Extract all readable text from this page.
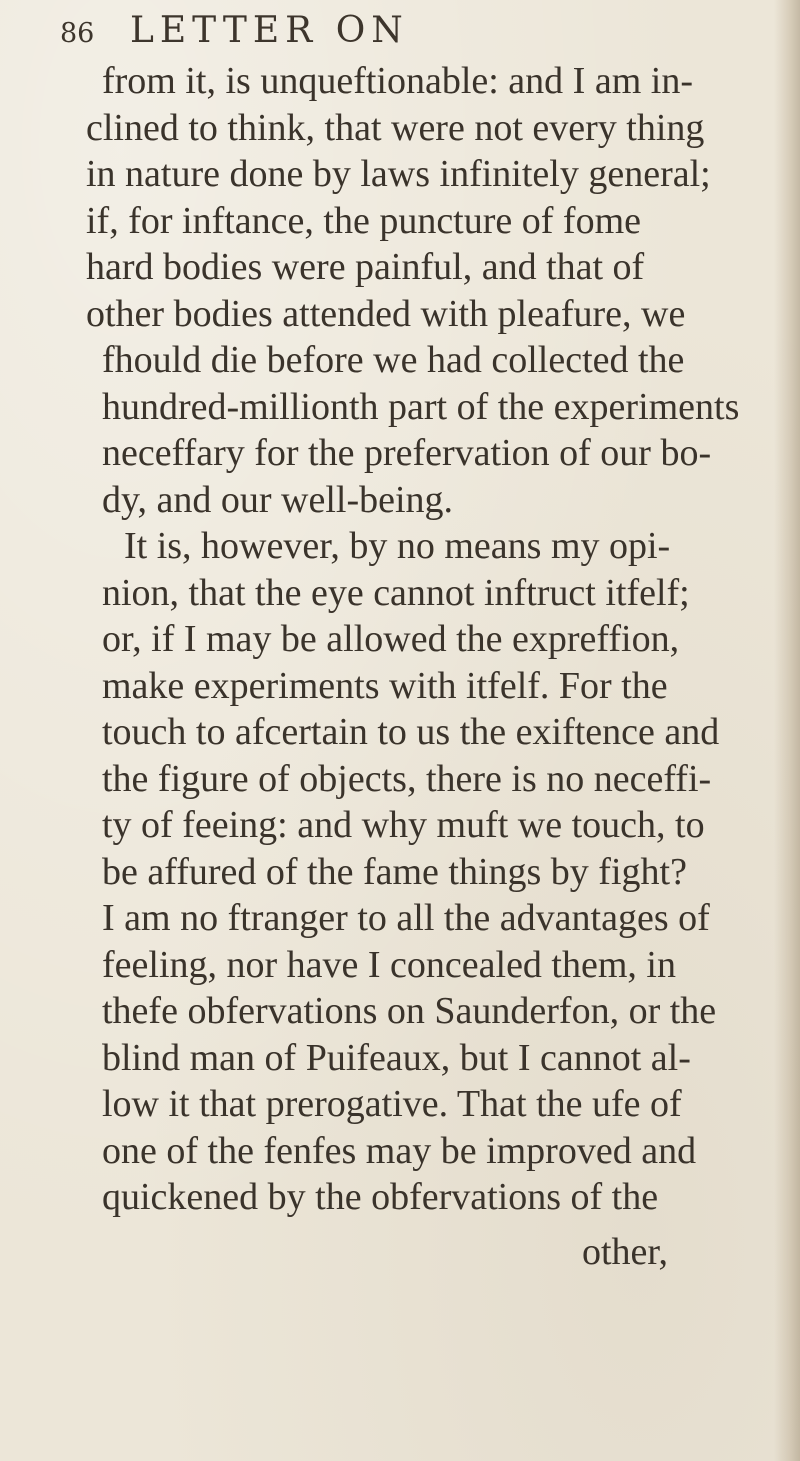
86 LETTER ON
from it, is unqueftionable: and I am in-
clined to think, that were not every thing
in nature done by laws infinitely general;
if, for inftance, the puncture of fome
hard bodies were painful, and that of
other bodies attended with pleafure, we
fhould die before we had collected the
hundred-millionth part of the experiments
neceffary for the prefervation of our bo-
dy, and our well-being.
It is, however, by no means my opi-
nion, that the eye cannot inftruct itfelf;
or, if I may be allowed the expreffion,
make experiments with itfelf. For the
touch to afcertain to us the exiftence and
the figure of objects, there is no neceffi-
ty of feeing: and why muft we touch, to
be affured of the fame things by fight?
I am no ftranger to all the advantages of
feeling, nor have I concealed them, in
thefe obfervations on Saunderfon, or the
blind man of Puifeaux, but I cannot al-
low it that prerogative. That the ufe of
one of the fenfes may be improved and
quickened by the obfervations of the
other,
